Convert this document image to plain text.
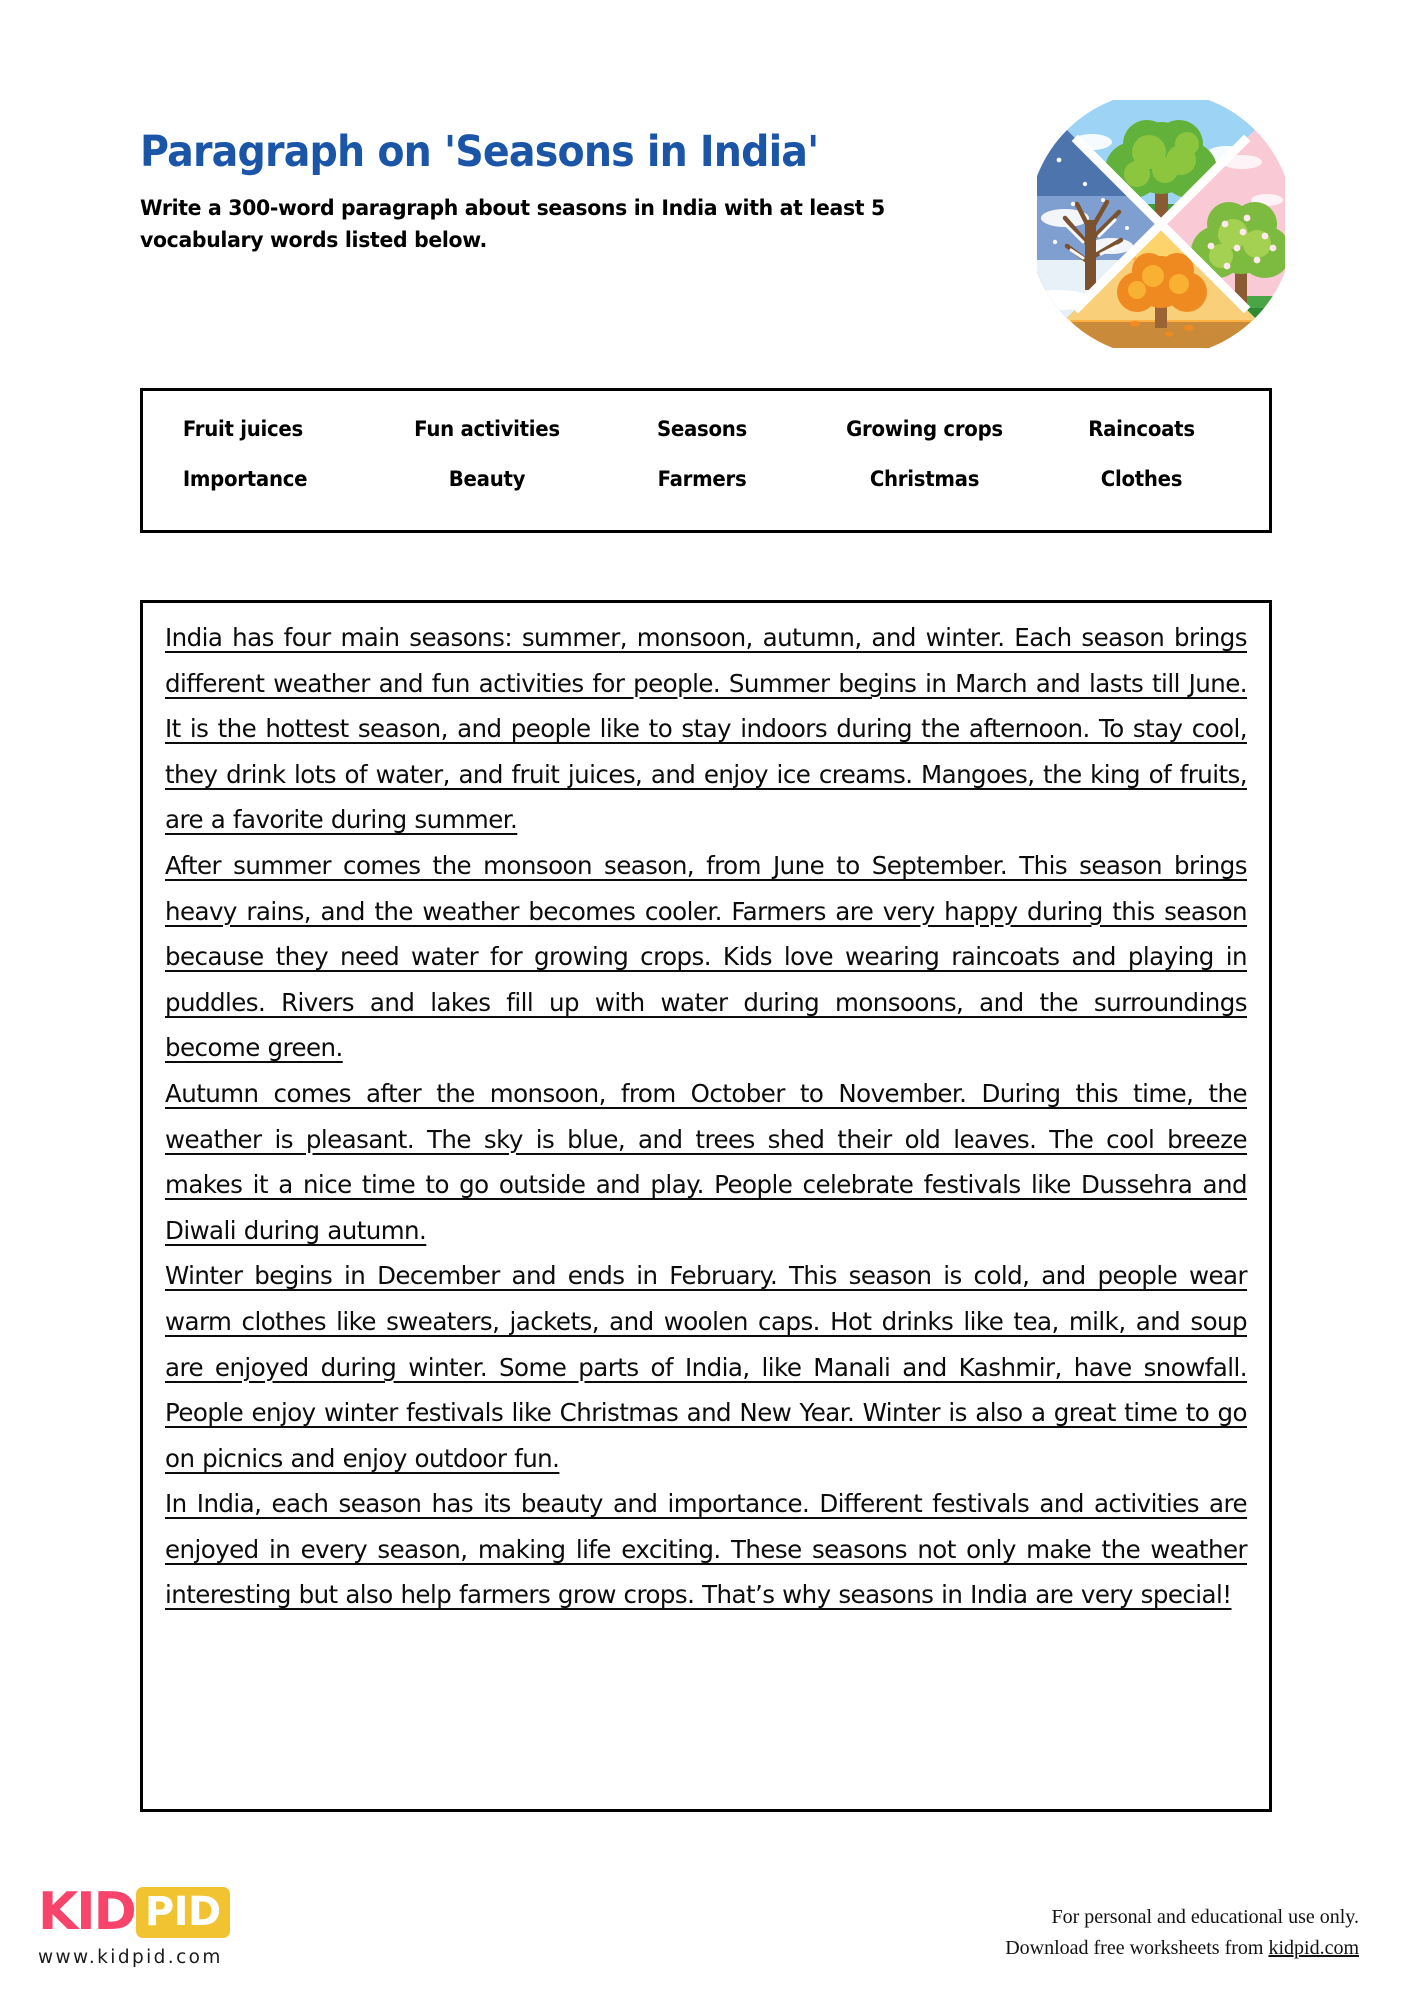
Paragraph on 'Seasons in India'
Write a 300-word paragraph about seasons in India with at least 5 vocabulary words listed below.
Fruit juices	Fun activities	Seasons	Growing crops	Raincoats
Importance	Beauty	Farmers	Christmas	Clothes

India has four main seasons: summer, monsoon, autumn, and winter. Each season brings different weather and fun activities for people. Summer begins in March and lasts till June. It is the hottest season, and people like to stay indoors during the afternoon. To stay cool, they drink lots of water, and fruit juices, and enjoy ice creams. Mangoes, the king of fruits, are a favorite during summer.

After summer comes the monsoon season, from June to September. This season brings heavy rains, and the weather becomes cooler. Farmers are very happy during this season because they need water for growing crops. Kids love wearing raincoats and playing in puddles. Rivers and lakes fill up with water during monsoons, and the surroundings become green.

Autumn comes after the monsoon, from October to November. During this time, the weather is pleasant. The sky is blue, and trees shed their old leaves. The cool breeze makes it a nice time to go outside and play. People celebrate festivals like Dussehra and Diwali during autumn.

Winter begins in December and ends in February. This season is cold, and people wear warm clothes like sweaters, jackets, and woolen caps. Hot drinks like tea, milk, and soup are enjoyed during winter. Some parts of India, like Manali and Kashmir, have snowfall. People enjoy winter festivals like Christmas and New Year. Winter is also a great time to go on picnics and enjoy outdoor fun.

In India, each season has its beauty and importance. Different festivals and activities are enjoyed in every season, making life exciting. These seasons not only make the weather interesting but also help farmers grow crops. That’s why seasons in India are very special!

KID PID
www.kidpid.com
For personal and educational use only.
Download free worksheets from kidpid.com
